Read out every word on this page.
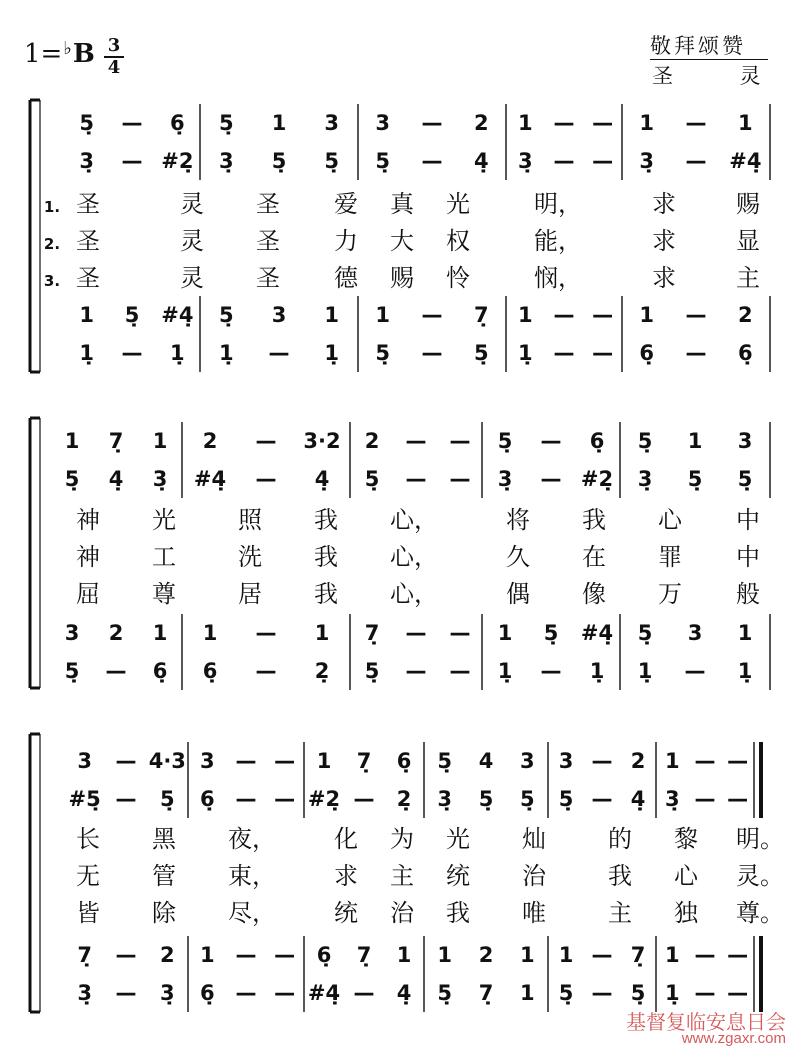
1=♭B 3
4
敬拜颂赞
圣 灵
5̣ — 6̣ 5̣ 1 3 3 — 2 1 — — 1 — 1
3̣ — #2̣ 3̣ 5̣ 5̣ 5̣ — 4̣ 3̣ — — 3̣ — #4̣
1 5̣ #4̣ 5̣ 3 1 1 — 7̣ 1 — — 1 — 2
1̣ — 1̣ 1̣ — 1̣ 5̣ — 5̣ 1̣ — — 6̣ — 6̣
1. 圣	灵 圣 爱 真 光	明，	求	赐
2. 圣	灵 圣 力 大 权	能，	求	显
3. 圣	灵 圣 德 赐 怜	悯，	求	主
1 7̣ 1 2 — 3·2 2 — — 5̣ — 6̣ 5̣ 1 3
5̣ 4̣ 3̣ #4̣ — 4̣ 5̣ — — 3̣ — #2̣ 3̣ 5̣ 5̣
3 2 1 1 — 1 7̣ — — 1 5̣ #4̣ 5̣ 3 1
5̣ — 6̣ 6̣ — 2̣ 5̣ — — 1̣ — 1̣ 1̣ — 1̣
神 光	照 我 心，	将 我 心 中
神 工	洗 我 心，	久 在 罪 中
屈 尊	居 我 心，	偶 像 万 般
3 — 4·3 3 — — 1 7̣ 6̣ 5̣ 4 3 3 — 2 1 — —
#5̣ — 5̣ 6̣ — — #2̣ — 2̣ 3̣ 5̣ 5̣ 5̣ — 4̣ 3̣ — —
7̣ — 2 1 — — 6̣ 7̣ 1 1 2 1 1 — 7̣ 1 — —
3̣ — 3̣ 6̣ — — #4̣ — 4̣ 5̣ 7̣ 1 5̣ — 5̣ 1̣ — —
长 黑 夜， 化 为 光 灿	的 黎 明。
无 管 束， 求 主 统 治	我 心 灵。
皆 除 尽， 统 治 我 唯	主 独 尊。
基督复临安息日会
www.zgaxr.com
